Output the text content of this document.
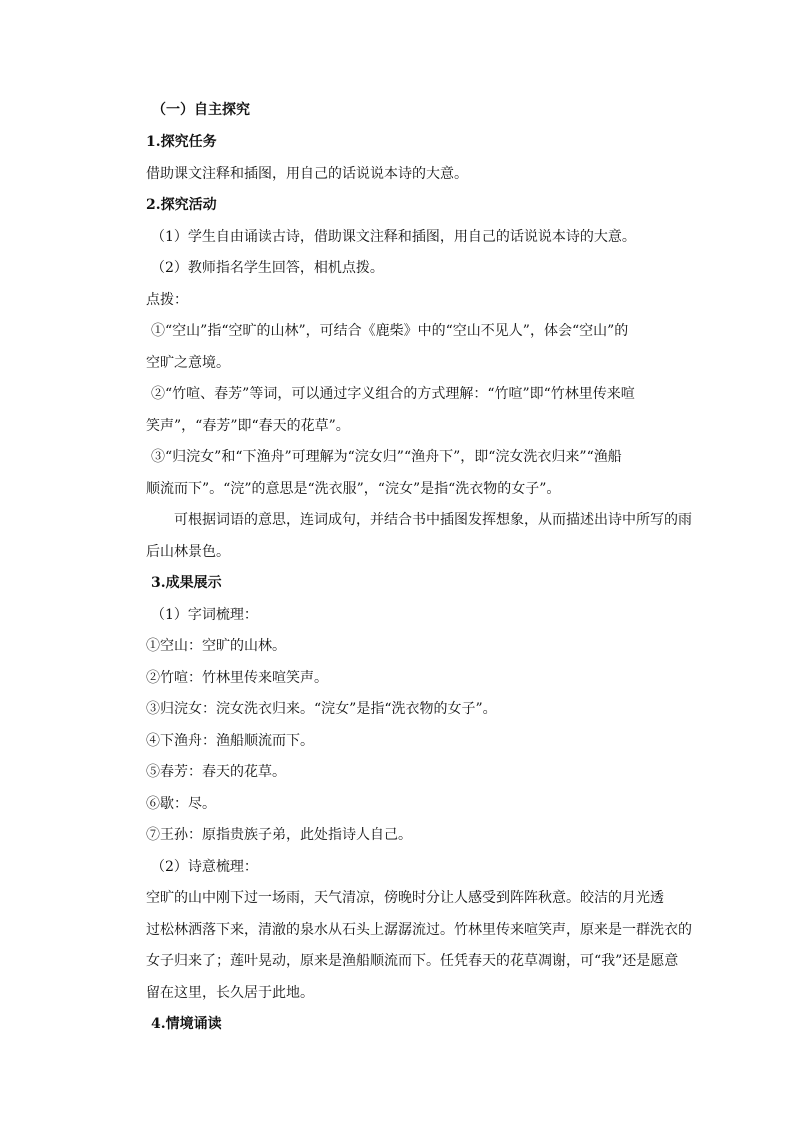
（一）自主探究
1.探究任务
借助课文注释和插图，用自己的话说说本诗的大意。
2.探究活动
（1）学生自由诵读古诗，借助课文注释和插图，用自己的话说说本诗的大意。
（2）教师指名学生回答，相机点拨。
点拨：
①“空山”指“空旷的山林”，可结合《鹿柴》中的“空山不见人”，体会“空山”的
空旷之意境。
②“竹喧、春芳”等词，可以通过字义组合的方式理解：“竹喧”即“竹林里传来喧
笑声”，“春芳”即“春天的花草”。
③“归浣女”和“下渔舟”可理解为“浣女归”“渔舟下”，即“浣女洗衣归来”“渔船
顺流而下”。“浣”的意思是“洗衣服”，“浣女”是指“洗衣物的女子”。
可根据词语的意思，连词成句，并结合书中插图发挥想象，从而描述出诗中所写的雨
后山林景色。
3.成果展示
（1）字词梳理：
①空山：空旷的山林。
②竹喧：竹林里传来喧笑声。
③归浣女：浣女洗衣归来。“浣女”是指“洗衣物的女子”。
④下渔舟：渔船顺流而下。
⑤春芳：春天的花草。
⑥歇：尽。
⑦王孙：原指贵族子弟，此处指诗人自己。
（2）诗意梳理：
空旷的山中刚下过一场雨，天气清凉，傍晚时分让人感受到阵阵秋意。皎洁的月光透
过松林洒落下来，清澈的泉水从石头上潺潺流过。竹林里传来喧笑声，原来是一群洗衣的
女子归来了；莲叶晃动，原来是渔船顺流而下。任凭春天的花草凋谢，可“我”还是愿意
留在这里，长久居于此地。
4.情境诵读
